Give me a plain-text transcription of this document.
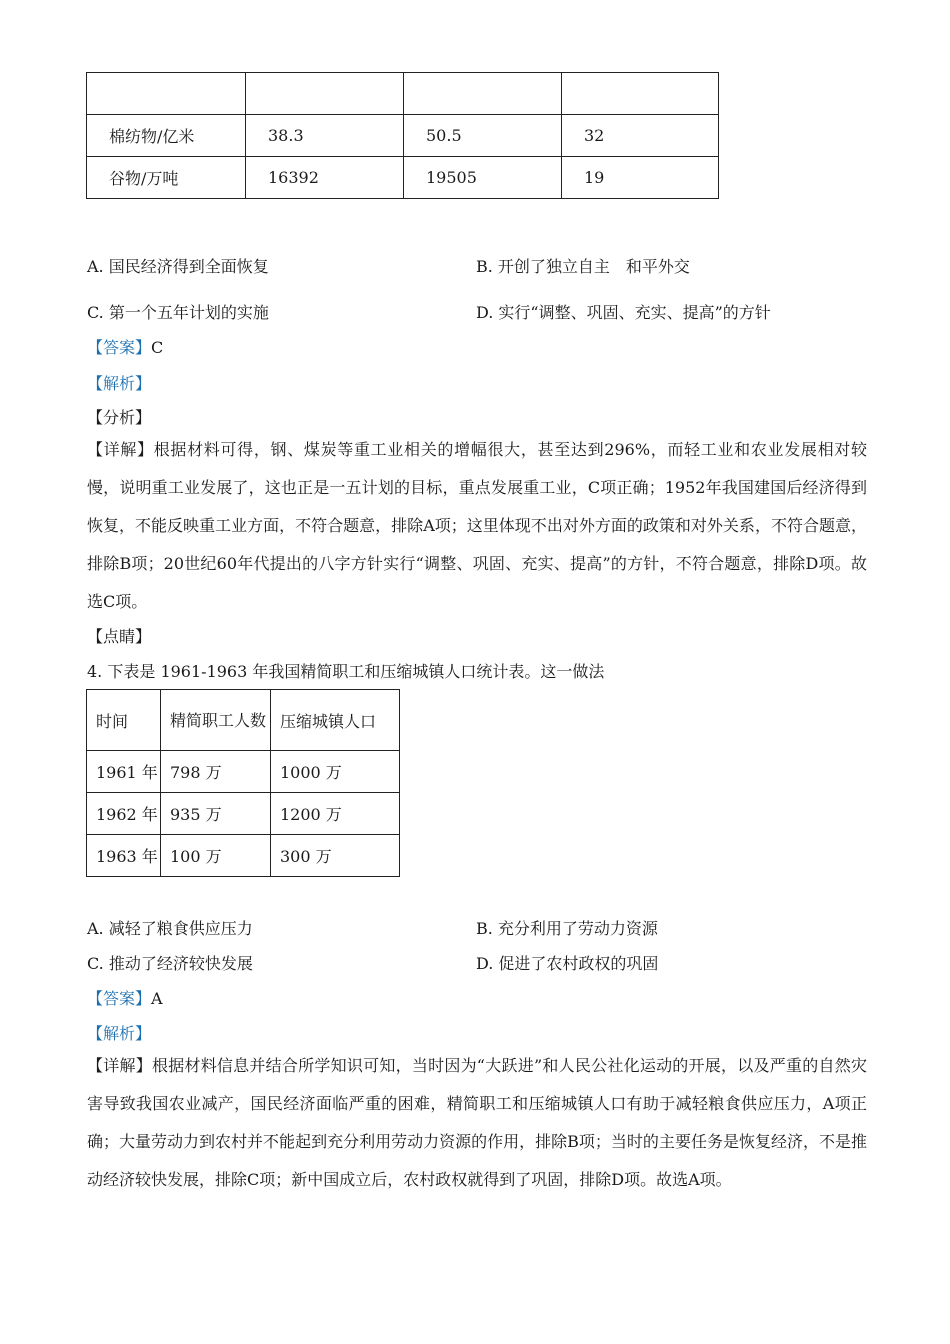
棉纺物/亿米	38.3	50.5	32
谷物/万吨	16392	19505	19
A. 国民经济得到全面恢复	B. 开创了独立自主　和平外交
C. 第一个五年计划的实施	D. 实行“调整、巩固、充实、提高”的方针
【答案】C
【解析】
【分析】
【详解】根据材料可得，钢、煤炭等重工业相关的增幅很大，甚至达到296%，而轻工业和农业发展相对较慢，说明重工业发展了，这也正是一五计划的目标，重点发展重工业，C项正确；1952年我国建国后经济得到恢复，不能反映重工业方面，不符合题意，排除A项；这里体现不出对外方面的政策和对外关系，不符合题意，排除B项；20世纪60年代提出的八字方针实行“调整、巩固、充实、提高”的方针，不符合题意，排除D项。故选C项。
【点睛】
4. 下表是 1961-1963 年我国精简职工和压缩城镇人口统计表。这一做法
时间	精简职工人数	压缩城镇人口
1961 年	798 万	1000 万
1962 年	935 万	1200 万
1963 年	100 万	300 万
A. 减轻了粮食供应压力	B. 充分利用了劳动力资源
C. 推动了经济较快发展	D. 促进了农村政权的巩固
【答案】A
【解析】
【详解】根据材料信息并结合所学知识可知，当时因为“大跃进”和人民公社化运动的开展，以及严重的自然灾害导致我国农业减产，国民经济面临严重的困难，精简职工和压缩城镇人口有助于减轻粮食供应压力，A项正确；大量劳动力到农村并不能起到充分利用劳动力资源的作用，排除B项；当时的主要任务是恢复经济，不是推动经济较快发展，排除C项；新中国成立后，农村政权就得到了巩固，排除D项。故选A项。
